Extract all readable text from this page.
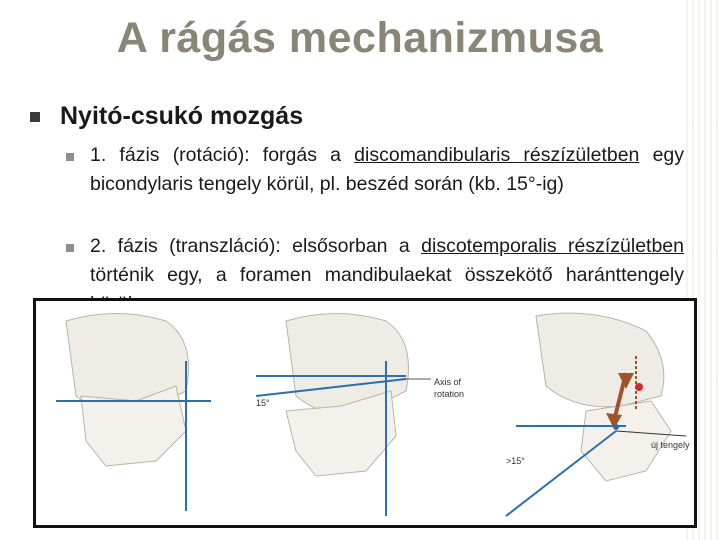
A rágás mechanizmusa
Nyitó-csukó mozgás

1. fázis (rotáció): forgás a discomandibularis részízületben egy bicondylaris tengely körül, pl. beszéd során (kb. 15°-ig)

2. fázis (transzláció): elsősorban a discotemporalis részízületben történik egy, a foramen mandibulaekat összekötő haránttengely

15°
Axis of
rotation
>15°
új tengely
